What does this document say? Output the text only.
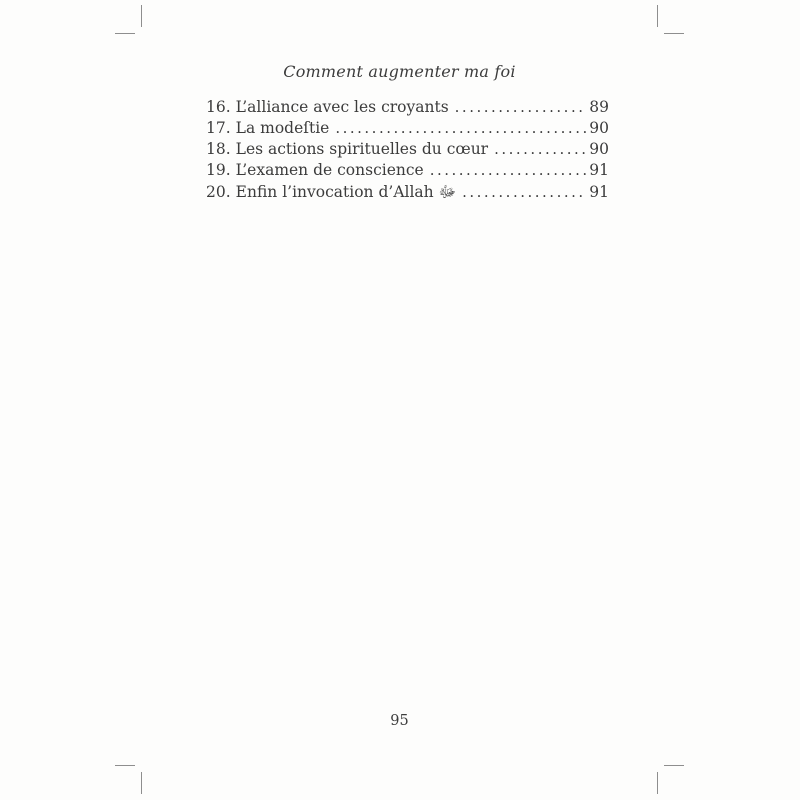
Comment augmenter ma foi
16. L’alliance avec les croyants .....	89
17. La modeſtie .....	90
18. Les actions spirituelles du cœur .....	90
19. L’examen de conscience .....	91
20. Enfin l’invocation d’Allah ﷻ .....	91
95
